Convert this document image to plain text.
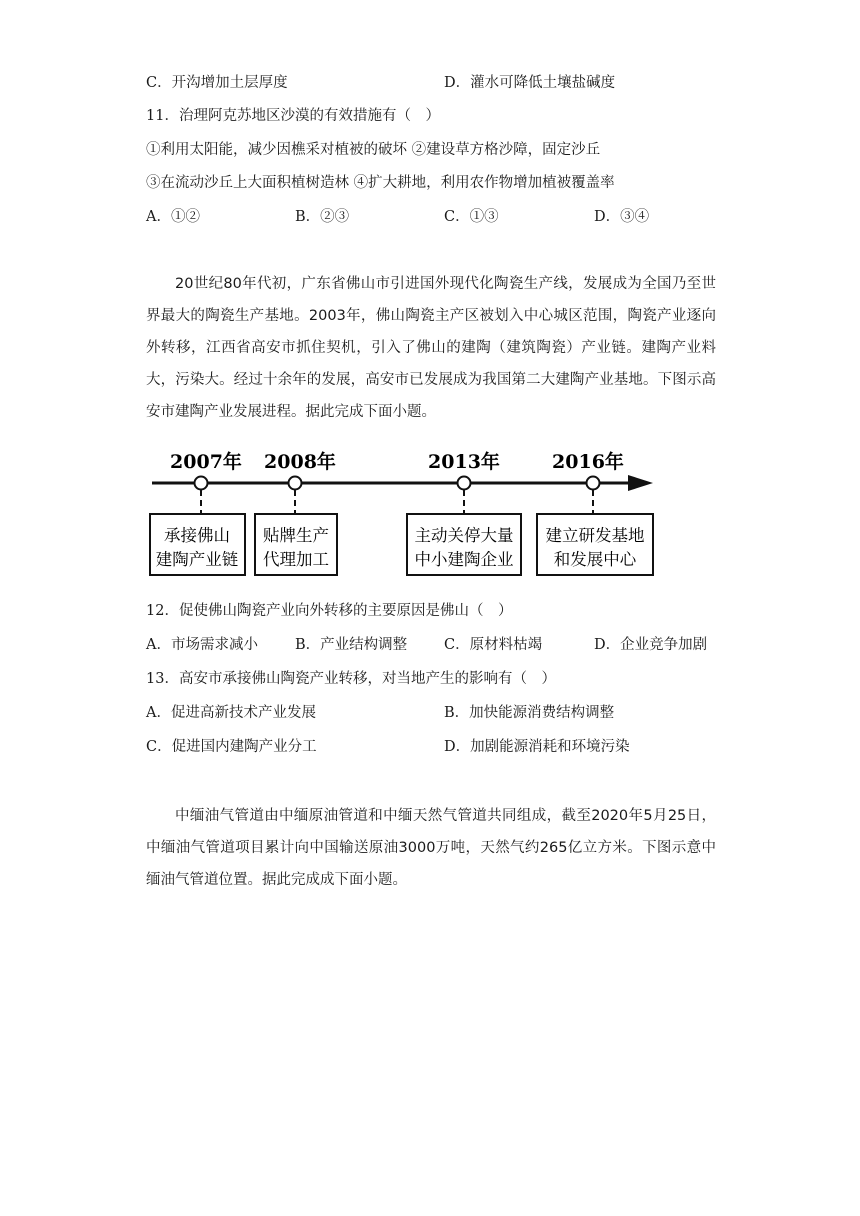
C．开沟增加土层厚度	D．灌水可降低土壤盐碱度
11．治理阿克苏地区沙漠的有效措施有（　）
①利用太阳能，减少因樵采对植被的破坏 ②建设草方格沙障，固定沙丘
③在流动沙丘上大面积植树造林 ④扩大耕地，利用农作物增加植被覆盖率
A．①②	B．②③	C．①③	D．③④

20世纪80年代初，广东省佛山市引进国外现代化陶瓷生产线，发展成为全国乃至世界最大的陶瓷生产基地。2003年，佛山陶瓷主产区被划入中心城区范围，陶瓷产业逐向外转移，江西省高安市抓住契机，引入了佛山的建陶（建筑陶瓷）产业链。建陶产业料大，污染大。经过十余年的发展，高安市已发展成为我国第二大建陶产业基地。下图示高安市建陶产业发展进程。据此完成下面小题。

2007年
承接佛山
建陶产业链
2008年
贴牌生产
代理加工
2013年
主动关停大量
中小建陶企业
2016年
建立研发基地
和发展中心
12．促使佛山陶瓷产业向外转移的主要原因是佛山（　）
A．市场需求减小	B．产业结构调整	C．原材料枯竭	D．企业竞争加剧
13．高安市承接佛山陶瓷产业转移，对当地产生的影响有（　）
A．促进高新技术产业发展	B．加快能源消费结构调整
C．促进国内建陶产业分工	D．加剧能源消耗和环境污染

中缅油气管道由中缅原油管道和中缅天然气管道共同组成，截至2020年5月25日，中缅油气管道项目累计向中国输送原油3000万吨，天然气约265亿立方米。下图示意中缅油气管道位置。据此完成成下面小题。
